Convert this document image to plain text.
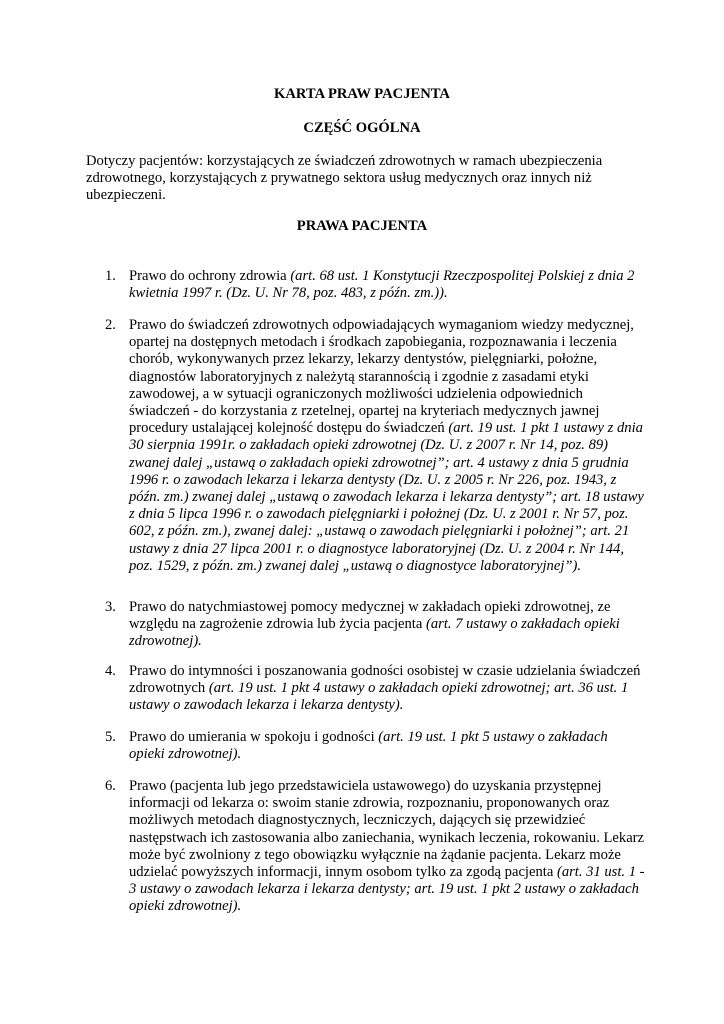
KARTA PRAW PACJENTA
CZĘŚĆ OGÓLNA
Dotyczy pacjentów: korzystających ze świadczeń zdrowotnych w ramach ubezpieczenia zdrowotnego, korzystających z prywatnego sektora usług medycznych oraz innych niż ubezpieczeni.
PRAWA PACJENTA
1. Prawo do ochrony zdrowia (art. 68 ust. 1 Konstytucji Rzeczpospolitej Polskiej z dnia 2 kwietnia 1997 r. (Dz. U. Nr 78, poz. 483, z późn. zm.)).
2. Prawo do świadczeń zdrowotnych odpowiadających wymaganiom wiedzy medycznej, opartej na dostępnych metodach i środkach zapobiegania, rozpoznawania i leczenia chorób, wykonywanych przez lekarzy, lekarzy dentystów, pielęgniarki, położne, diagnostów laboratoryjnych z należytą starannością i zgodnie z zasadami etyki zawodowej, a w sytuacji ograniczonych możliwości udzielenia odpowiednich świadczeń - do korzystania z rzetelnej, opartej na kryteriach medycznych jawnej procedury ustalającej kolejność dostępu do świadczeń (art. 19 ust. 1 pkt 1 ustawy z dnia 30 sierpnia 1991r. o zakładach opieki zdrowotnej (Dz. U. z 2007 r. Nr 14, poz. 89) zwanej dalej „ustawą o zakładach opieki zdrowotnej”; art. 4 ustawy z dnia 5 grudnia 1996 r. o zawodach lekarza i lekarza dentysty (Dz. U. z 2005 r. Nr 226, poz. 1943, z późn. zm.) zwanej dalej „ustawą o zawodach lekarza i lekarza dentysty”; art. 18 ustawy z dnia 5 lipca 1996 r. o zawodach pielęgniarki i położnej (Dz. U. z 2001 r. Nr 57, poz. 602, z późn. zm.), zwanej dalej: „ustawą o zawodach pielęgniarki i położnej”; art. 21 ustawy z dnia 27 lipca 2001 r. o diagnostyce laboratoryjnej (Dz. U. z 2004 r. Nr 144, poz. 1529, z późn. zm.) zwanej dalej „ustawą o diagnostyce laboratoryjnej”).
3. Prawo do natychmiastowej pomocy medycznej w zakładach opieki zdrowotnej, ze względu na zagrożenie zdrowia lub życia pacjenta (art. 7 ustawy o zakładach opieki zdrowotnej).
4. Prawo do intymności i poszanowania godności osobistej w czasie udzielania świadczeń zdrowotnych (art. 19 ust. 1 pkt 4 ustawy o zakładach opieki zdrowotnej; art. 36 ust. 1 ustawy o zawodach lekarza i lekarza dentysty).
5. Prawo do umierania w spokoju i godności (art. 19 ust. 1 pkt 5 ustawy o zakładach opieki zdrowotnej).
6. Prawo (pacjenta lub jego przedstawiciela ustawowego) do uzyskania przystępnej informacji od lekarza o: swoim stanie zdrowia, rozpoznaniu, proponowanych oraz możliwych metodach diagnostycznych, leczniczych, dających się przewidzieć następstwach ich zastosowania albo zaniechania, wynikach leczenia, rokowaniu. Lekarz może być zwolniony z tego obowiązku wyłącznie na żądanie pacjenta. Lekarz może udzielać powyższych informacji, innym osobom tylko za zgodą pacjenta (art. 31 ust. 1 - 3 ustawy o zawodach lekarza i lekarza dentysty; art. 19 ust. 1 pkt 2 ustawy o zakładach opieki zdrowotnej).
